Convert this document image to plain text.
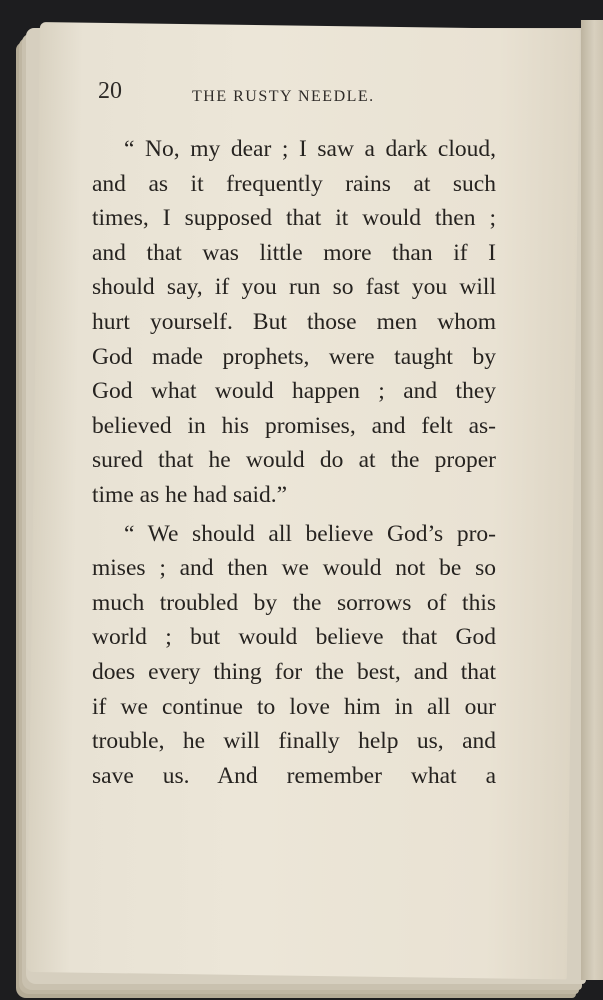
20	THE RUSTY NEEDLE.
“ No, my dear ; I saw a dark cloud,
and as it frequently rains at such
times, I supposed that it would then ;
and that was little more than if I
should say, if you run so fast you will
hurt yourself. But those men whom
God made prophets, were taught by
God what would happen ; and they
believed in his promises, and felt as-
sured that he would do at the proper
time as he had said.”
“ We should all believe God’s pro-
mises ; and then we would not be so
much troubled by the sorrows of this
world ; but would believe that God
does every thing for the best, and that
if we continue to love him in all our
trouble, he will finally help us, and
save us. And remember what a
